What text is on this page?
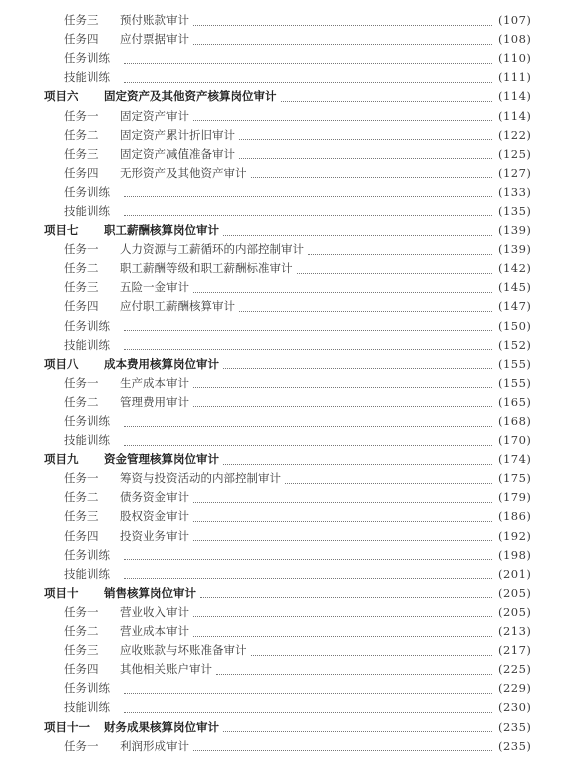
任务三	预付账款审计	(107)
任务四	应付票据审计	(108)
任务训练	(110)
技能训练	(111)
项目六	固定资产及其他资产核算岗位审计	(114)
任务一	固定资产审计	(114)
任务二	固定资产累计折旧审计	(122)
任务三	固定资产减值准备审计	(125)
任务四	无形资产及其他资产审计	(127)
任务训练	(133)
技能训练	(135)
项目七	职工薪酬核算岗位审计	(139)
任务一	人力资源与工薪循环的内部控制审计	(139)
任务二	职工薪酬等级和职工薪酬标准审计	(142)
任务三	五险一金审计	(145)
任务四	应付职工薪酬核算审计	(147)
任务训练	(150)
技能训练	(152)
项目八	成本费用核算岗位审计	(155)
任务一	生产成本审计	(155)
任务二	管理费用审计	(165)
任务训练	(168)
技能训练	(170)
项目九	资金管理核算岗位审计	(174)
任务一	筹资与投资活动的内部控制审计	(175)
任务二	债务资金审计	(179)
任务三	股权资金审计	(186)
任务四	投资业务审计	(192)
任务训练	(198)
技能训练	(201)
项目十	销售核算岗位审计	(205)
任务一	营业收入审计	(205)
任务二	营业成本审计	(213)
任务三	应收账款与坏账准备审计	(217)
任务四	其他相关账户审计	(225)
任务训练	(229)
技能训练	(230)
项目十一	财务成果核算岗位审计	(235)
任务一	利润形成审计	(235)
